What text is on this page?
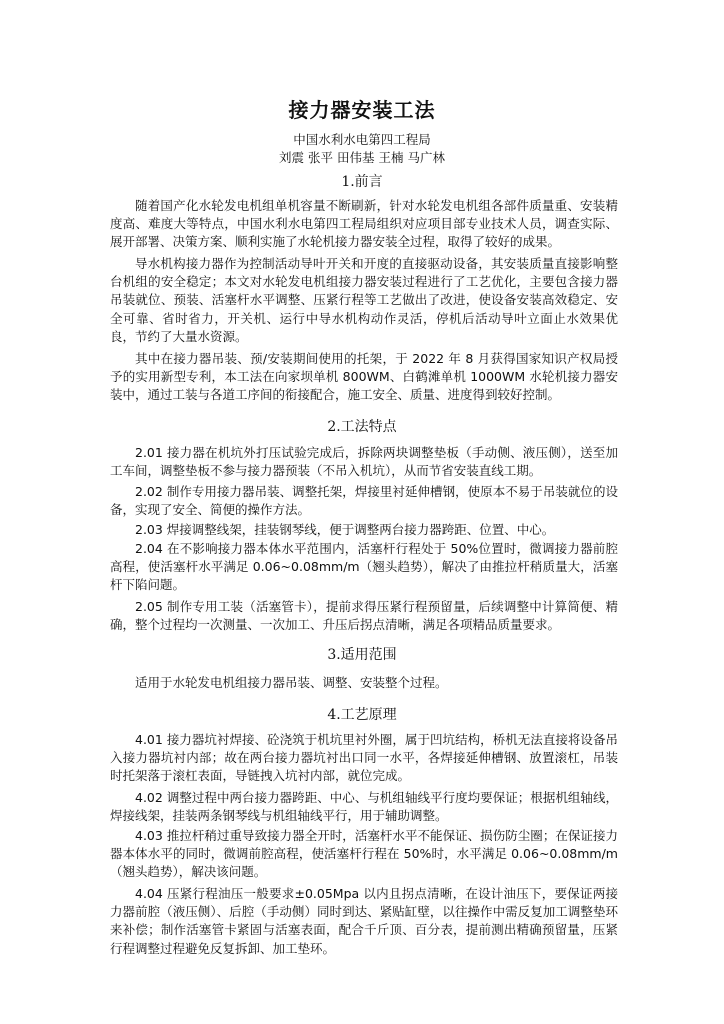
接力器安装工法
中国水利水电第四工程局
刘震 张平 田伟基 王楠 马广林
1.前言

随着国产化水轮发电机组单机容量不断刷新，针对水轮发电机组各部件质量重、安装精度高、难度大等特点，中国水利水电第四工程局组织对应项目部专业技术人员，调查实际、展开部署、决策方案、顺利实施了水轮机接力器安装全过程，取得了较好的成果。

导水机构接力器作为控制活动导叶开关和开度的直接驱动设备，其安装质量直接影响整台机组的安全稳定；本文对水轮发电机组接力器安装过程进行了工艺优化，主要包含接力器吊装就位、预装、活塞杆水平调整、压紧行程等工艺做出了改进，使设备安装高效稳定、安全可靠、省时省力，开关机、运行中导水机构动作灵活，停机后活动导叶立面止水效果优良，节约了大量水资源。

其中在接力器吊装、预/安装期间使用的托架，于 2022 年 8 月获得国家知识产权局授予的实用新型专利，本工法在向家坝单机 800WM、白鹤滩单机 1000WM 水轮机接力器安装中，通过工装与各道工序间的衔接配合，施工安全、质量、进度得到较好控制。

2.工法特点

2.01 接力器在机坑外打压试验完成后，拆除两块调整垫板（手动侧、液压侧），送至加工车间，调整垫板不参与接力器预装（不吊入机坑），从而节省安装直线工期。

2.02 制作专用接力器吊装、调整托架，焊接里衬延伸槽钢，使原本不易于吊装就位的设备，实现了安全、简便的操作方法。

2.03 焊接调整线架，挂装钢琴线，便于调整两台接力器跨距、位置、中心。

2.04 在不影响接力器本体水平范围内，活塞杆行程处于 50%位置时，微调接力器前腔高程，使活塞杆水平满足 0.06~0.08mm/m（翘头趋势），解决了由推拉杆稍质量大，活塞杆下陷问题。

2.05 制作专用工装（活塞管卡），提前求得压紧行程预留量，后续调整中计算简便、精确，整个过程均一次测量、一次加工、升压后拐点清晰，满足各项精品质量要求。

3.适用范围

适用于水轮发电机组接力器吊装、调整、安装整个过程。

4.工艺原理

4.01 接力器坑衬焊接、砼浇筑于机坑里衬外圈，属于凹坑结构，桥机无法直接将设备吊入接力器坑衬内部；故在两台接力器坑衬出口同一水平，各焊接延伸槽钢、放置滚杠，吊装时托架落于滚杠表面，导链拽入坑衬内部，就位完成。

4.02 调整过程中两台接力器跨距、中心、与机组轴线平行度均要保证；根据机组轴线，焊接线架，挂装两条钢琴线与机组轴线平行，用于辅助调整。

4.03 推拉杆稍过重导致接力器全开时，活塞杆水平不能保证、损伤防尘圈；在保证接力器本体水平的同时，微调前腔高程，使活塞杆行程在 50%时，水平满足 0.06~0.08mm/m（翘头趋势），解决该问题。

4.04 压紧行程油压一般要求±0.05Mpa 以内且拐点清晰，在设计油压下，要保证两接力器前腔（液压侧）、后腔（手动侧）同时到达、紧贴缸壁，以往操作中需反复加工调整垫环来补偿；制作活塞管卡紧固与活塞表面，配合千斤顶、百分表，提前测出精确预留量，压紧行程调整过程避免反复拆卸、加工垫环。
